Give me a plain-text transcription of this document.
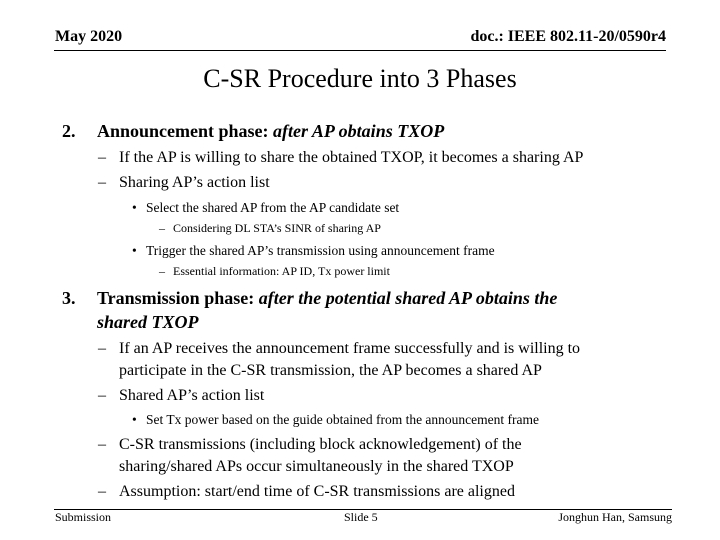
May 2020	doc.: IEEE 802.11-20/0590r4
C-SR Procedure into 3 Phases
2. Announcement phase: after AP obtains TXOP
– If the AP is willing to share the obtained TXOP, it becomes a sharing AP
– Sharing AP’s action list
• Select the shared AP from the AP candidate set
– Considering DL STA’s SINR of sharing AP
• Trigger the shared AP’s transmission using announcement frame
– Essential information: AP ID, Tx power limit
3. Transmission phase: after the potential shared AP obtains the
shared TXOP
– If an AP receives the announcement frame successfully and is willing to
participate in the C-SR transmission, the AP becomes a shared AP
– Shared AP’s action list
• Set Tx power based on the guide obtained from the announcement frame
– C-SR transmissions (including block acknowledgement) of the
sharing/shared APs occur simultaneously in the shared TXOP
– Assumption: start/end time of C-SR transmissions are aligned
Submission	Slide 5	Jonghun Han, Samsung
